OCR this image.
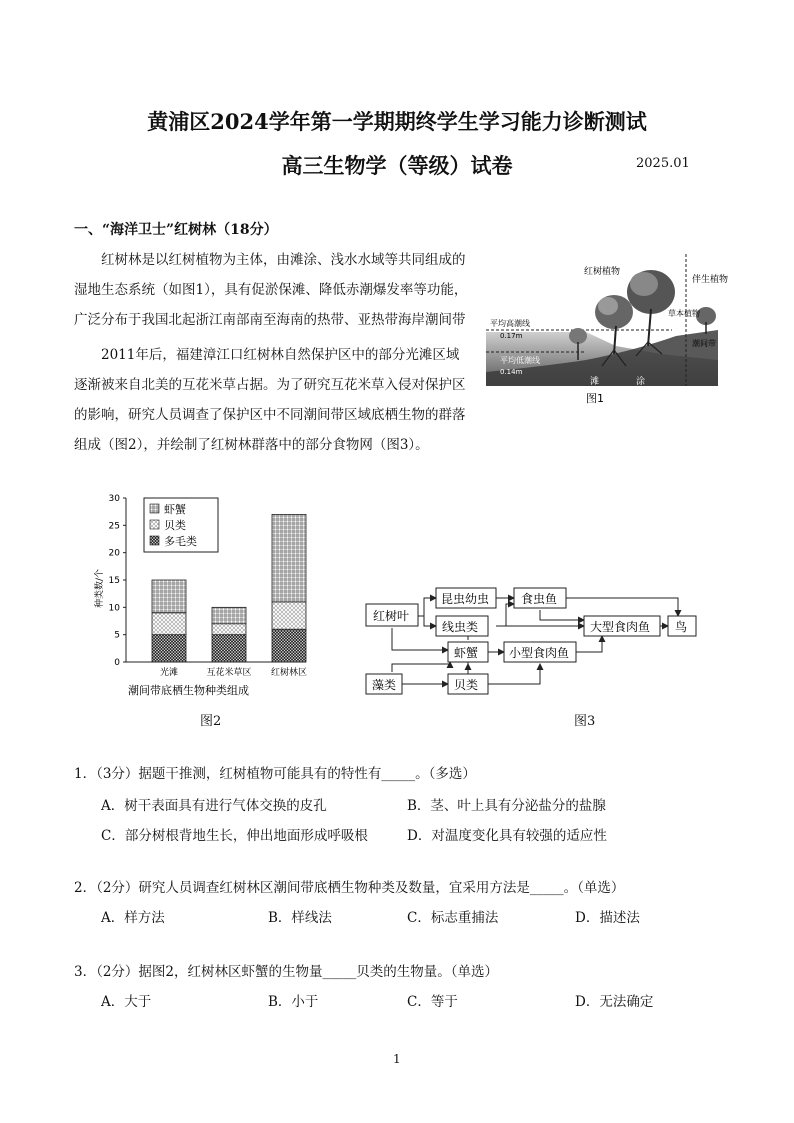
黄浦区2024学年第一学期期终学生学习能力诊断测试
高三生物学（等级）试卷	2025.01
一、“海洋卫士”红树林（18分）
红树林是以红树植物为主体，由滩涂、浅水水域等共同组成的
湿地生态系统（如图1），具有促淤保滩、降低赤潮爆发率等功能，
广泛分布于我国北起浙江南部南至海南的热带、亚热带海岸潮间带
2011年后，福建漳江口红树林自然保护区中的部分光滩区域
逐渐被来自北美的互花米草占据。为了研究互花米草入侵对保护区
的影响，研究人员调查了保护区中不同潮间带区域底栖生物的群落
组成（图2），并绘制了红树林群落中的部分食物网（图3）。
红树植物
伴生植物
草本植物
平均高潮线
0.17m
平均低潮线
0.14m
滩	涂
潮间带
图1
0
5
10
15
20
25
30
光滩	互花米草区 红树林区
虾蟹
贝类
多毛类
种类数/个
潮间带底栖生物种类组成
图2
红树叶
昆虫幼虫	食虫鱼
线虫类	大型食肉鱼 鸟
虾蟹	小型食肉鱼
藻类	贝类
图3
1．（3分）据题干推测，红树植物可能具有的特性有_____。（多选）
A．树干表面具有进行气体交换的皮孔	B．茎、叶上具有分泌盐分的盐腺
C．部分树根背地生长，伸出地面形成呼吸根	D．对温度变化具有较强的适应性
2．（2分）研究人员调查红树林区潮间带底栖生物种类及数量，宜采用方法是_____。（单选）
A．样方法	B．样线法	C．标志重捕法	D．描述法
3．（2分）据图2，红树林区虾蟹的生物量_____贝类的生物量。（单选）
A．大于	B．小于	C．等于	D．无法确定
1
